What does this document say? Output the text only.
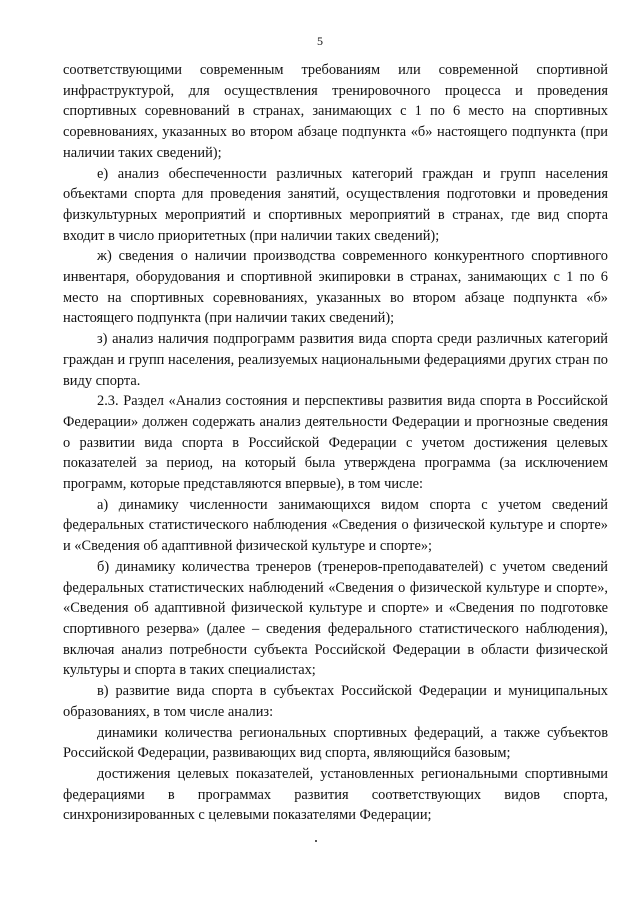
5

соответствующими современным требованиям или современной спортивной инфраструктурой, для осуществления тренировочного процесса и проведения спортивных соревнований в странах, занимающих с 1 по 6 место на спортивных соревнованиях, указанных во втором абзаце подпункта «б» настоящего подпункта (при наличии таких сведений);

е) анализ обеспеченности различных категорий граждан и групп населения объектами спорта для проведения занятий, осуществления подготовки и проведения физкультурных мероприятий и спортивных мероприятий в странах, где вид спорта входит в число приоритетных (при наличии таких сведений);

ж) сведения о наличии производства современного конкурентного спортивного инвентаря, оборудования и спортивной экипировки в странах, занимающих с 1 по 6 место на спортивных соревнованиях, указанных во втором абзаце подпункта «б» настоящего подпункта (при наличии таких сведений);

з) анализ наличия подпрограмм развития вида спорта среди различных категорий граждан и групп населения, реализуемых национальными федерациями других стран по виду спорта.

2.3. Раздел «Анализ состояния и перспективы развития вида спорта в Российской Федерации» должен содержать анализ деятельности Федерации и прогнозные сведения о развитии вида спорта в Российской Федерации с учетом достижения целевых показателей за период, на который была утверждена программа (за исключением программ, которые представляются впервые), в том числе:

а) динамику численности занимающихся видом спорта с учетом сведений федеральных статистического наблюдения «Сведения о физической культуре и спорте» и «Сведения об адаптивной физической культуре и спорте»;

б) динамику количества тренеров (тренеров-преподавателей) с учетом сведений федеральных статистических наблюдений «Сведения о физической культуре и спорте», «Сведения об адаптивной физической культуре и спорте» и «Сведения по подготовке спортивного резерва» (далее – сведения федерального статистического наблюдения), включая анализ потребности субъекта Российской Федерации в области физической культуры и спорта в таких специалистах;

в) развитие вида спорта в субъектах Российской Федерации и муниципальных образованиях, в том числе анализ:

динамики количества региональных спортивных федераций, а также субъектов Российской Федерации, развивающих вид спорта, являющийся базовым;

достижения целевых показателей, установленных региональными спортивными федерациями в программах развития соответствующих видов спорта, синхронизированных с целевыми показателями Федерации;
